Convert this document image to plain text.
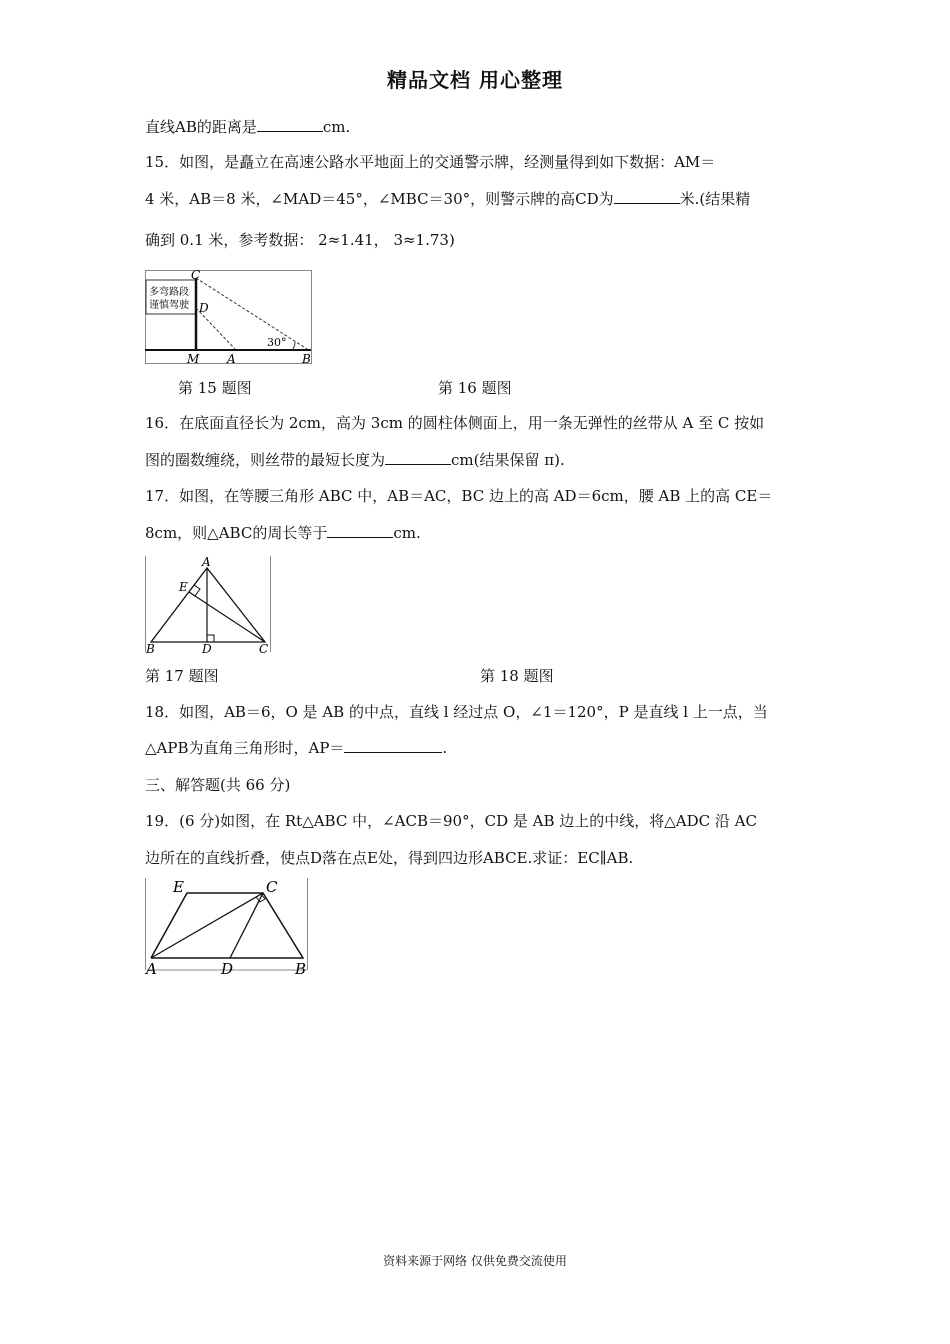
精品文档 用心整理
直线AB的距离是	cm.
15．如图，是矗立在高速公路水平地面上的交通警示牌，经测量得到如下数据：AM＝
4 米，AB＝8 米，∠MAD＝45°，∠MBC＝30°，则警示牌的高CD为	米.(结果精
确到 0.1 米，参考数据： 2≈1.41， 3≈1.73)
多弯路段
谨慎驾驶
30°
C
D
M A	B
第 15 题图	第 16 题图
16．在底面直径长为 2cm，高为 3cm 的圆柱体侧面上，用一条无弹性的丝带从 A 至 C 按如
图的圈数缠绕，则丝带的最短长度为	cm(结果保留 π).
17．如图，在等腰三角形 ABC 中，AB＝AC，BC 边上的高 AD＝6cm，腰 AB 上的高 CE＝
8cm，则△ABC的周长等于	cm.
A
E
B	D	C
第 17 题图	第 18 题图
18．如图，AB＝6，O 是 AB 的中点，直线 l 经过点 O，∠1＝120°，P 是直线 l 上一点，当
△APB为直角三角形时，AP＝	.
三、解答题(共 66 分)
19．(6 分)如图，在 Rt△ABC 中，∠ACB＝90°，CD 是 AB 边上的中线，将△ADC 沿 AC
边所在的直线折叠，使点D落在点E处，得到四边形ABCE.求证：EC∥AB.
E	C
A	D	B
资料来源于网络 仅供免费交流使用
